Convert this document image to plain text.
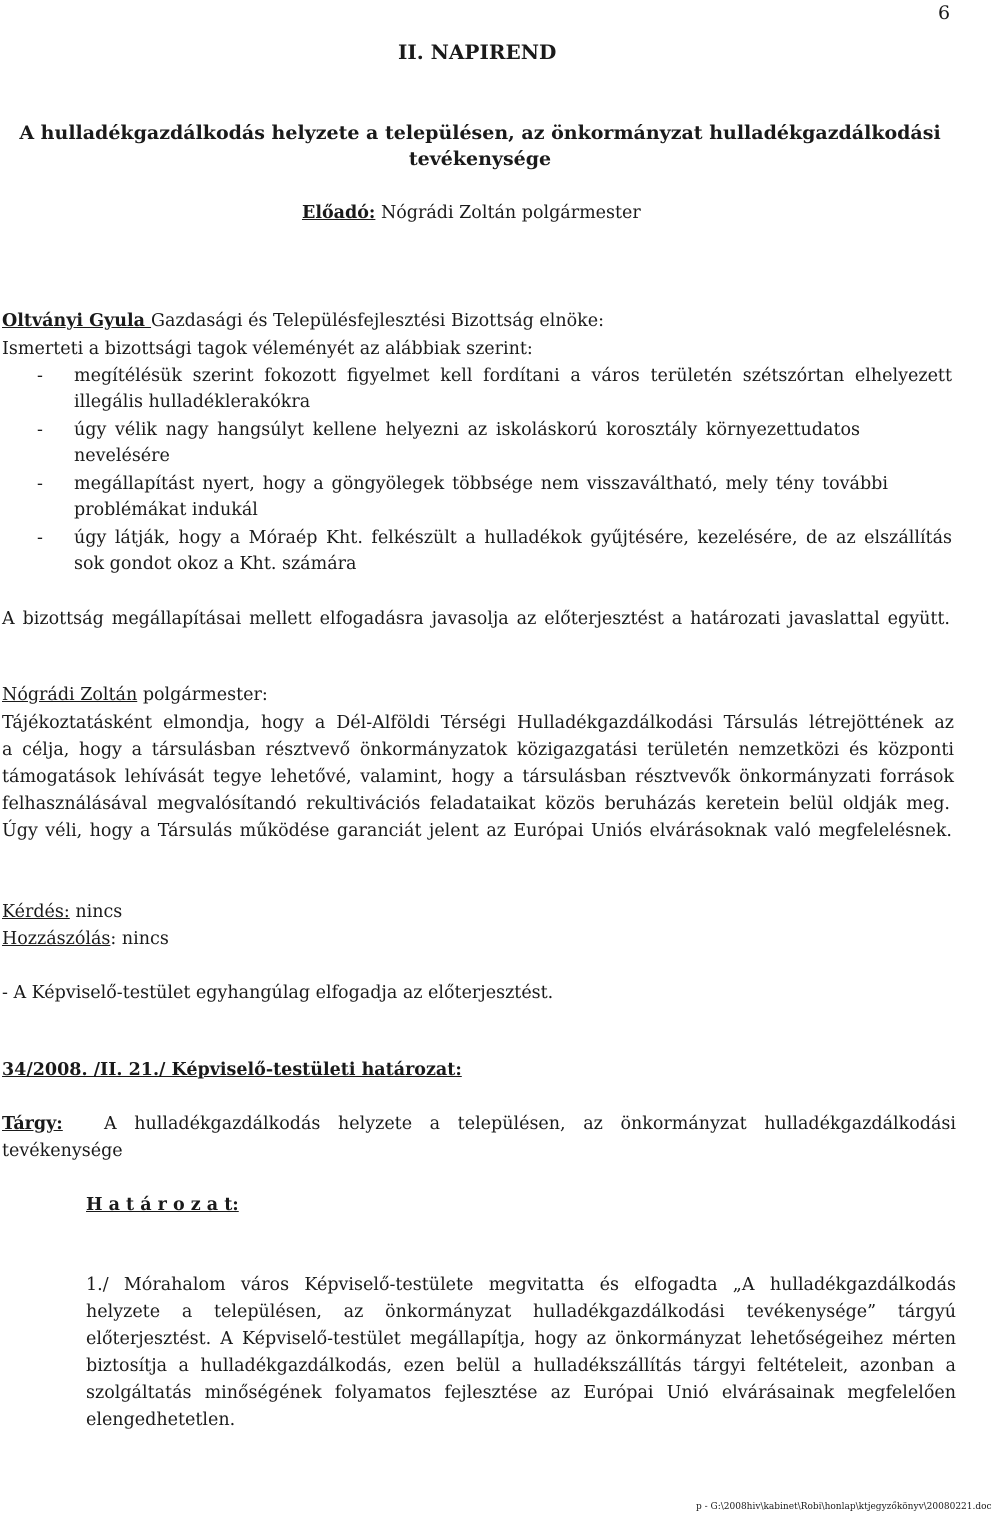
6
II. NAPIREND
A hulladékgazdálkodás helyzete a településen, az önkormányzat hulladékgazdálkodási
tevékenysége
Előadó: Nógrádi Zoltán polgármester
Oltványi Gyula Gazdasági és Településfejlesztési Bizottság elnöke:
Ismerteti a bizottsági tagok véleményét az alábbiak szerint:
- megítélésük szerint fokozott figyelmet kell fordítani a város területén szétszórtan elhelyezett
illegális hulladéklerakókra
- úgy vélik nagy hangsúlyt kellene helyezni az iskoláskorú korosztály környezettudatos
nevelésére
- megállapítást nyert, hogy a göngyölegek többsége nem visszaváltható, mely tény további
problémákat indukál
- úgy látják, hogy a Móraép Kht. felkészült a hulladékok gyűjtésére, kezelésére, de az elszállítás
sok gondot okoz a Kht. számára
A bizottság megállapításai mellett elfogadásra javasolja az előterjesztést a határozati javaslattal együtt.
Nógrádi Zoltán polgármester:
Tájékoztatásként elmondja, hogy a Dél-Alföldi Térségi Hulladékgazdálkodási Társulás létrejöttének az
a célja, hogy a társulásban résztvevő önkormányzatok közigazgatási területén nemzetközi és központi
támogatások lehívását tegye lehetővé, valamint, hogy a társulásban résztvevők önkormányzati források
felhasználásával megvalósítandó rekultivációs feladataikat közös beruházás keretein belül oldják meg.
Úgy véli, hogy a Társulás működése garanciát jelent az Európai Uniós elvárásoknak való megfelelésnek.
Kérdés: nincs
Hozzászólás: nincs
- A Képviselő-testület egyhangúlag elfogadja az előterjesztést.
34/2008. /II. 21./ Képviselő-testületi határozat:
Tárgy: A hulladékgazdálkodás helyzete a településen, az önkormányzat hulladékgazdálkodási
tevékenysége
H a t á r o z a t:
1./ Mórahalom város Képviselő-testülete megvitatta és elfogadta „A hulladékgazdálkodás
helyzete a településen, az önkormányzat hulladékgazdálkodási tevékenysége” tárgyú
előterjesztést. A Képviselő-testület megállapítja, hogy az önkormányzat lehetőségeihez mérten
biztosítja a hulladékgazdálkodás, ezen belül a hulladékszállítás tárgyi feltételeit, azonban a
szolgáltatás minőségének folyamatos fejlesztése az Európai Unió elvárásainak megfelelően
elengedhetetlen.
p - G:\2008hiv\kabinet\Robi\honlap\ktjegyzőkönyv\20080221.doc
